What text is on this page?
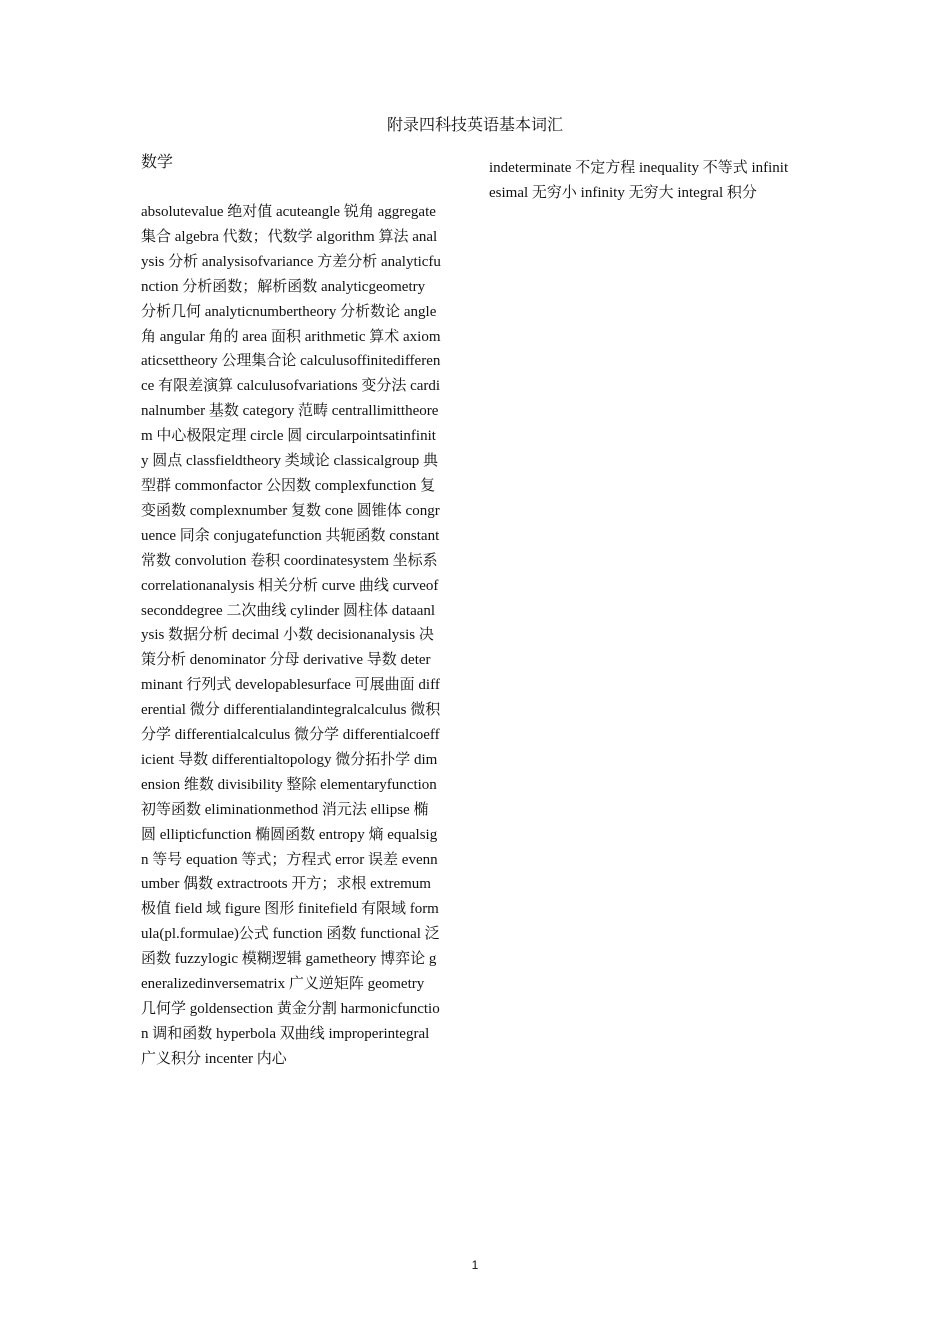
附录四科技英语基本词汇
数学

absolutevalue 绝对值 acuteangle 锐角 aggregate 集合 algebra 代数；代数学 algorithm 算法 analysis 分析 analysisofvariance 方差分析 analyticfunction 分析函数；解析函数 analyticgeometry 分析几何 analyticnumbertheory 分析数论 angle 角 angular 角的 area 面积 arithmetic 算术 axiomaticsettheory 公理集合论 calculusoffinitedifference 有限差演算 calculusofvariations 变分法 cardinalnumber 基数 category 范畴 centrallimittheorem 中心极限定理 circle 圆 circularpointsatinfinity 圆点 classfieldtheory 类域论 classicalgroup 典型群 commonfactor 公因数 complexfunction 复变函数 complexnumber 复数 cone 圆锥体 congruence 同余 conjugatefunction 共轭函数 constant 常数 convolution 卷积 coordinatesystem 坐标系 correlationanalysis 相关分析 curve 曲线 curveofseconddegree 二次曲线 cylinder 圆柱体 dataanlysis 数据分析 decimal 小数 decisionanalysis 决策分析 denominator 分母 derivative 导数 determinant 行列式 developablesurface 可展曲面 differential 微分 differentialandintegralcalculus 微积分学 differentialcalculus 微分学 differentialcoefficient 导数 differentialtopology 微分拓扑学 dimension 维数 divisibility 整除 elementaryfunction 初等函数 eliminationmethod 消元法 ellipse 椭圆 ellipticfunction 椭圆函数 entropy 熵 equalsign 等号 equation 等式；方程式 error 误差 evennumber 偶数 extractroots 开方；求根 extremum 极值 field 域 figure 图形 finitefield 有限域 formula(pl.formulae)公式 function 函数 functional 泛函数 fuzzylogic 模糊逻辑 gametheory 博弈论 generalizedinversematrix 广义逆矩阵 geometry 几何学 goldensection 黄金分割 harmonicfunction 调和函数 hyperbola 双曲线 improperintegral 广义积分 incenter 内心

indeterminate 不定方程 inequality 不等式 infinitesimal 无穷小 infinity 无穷大 integral 积分

1
